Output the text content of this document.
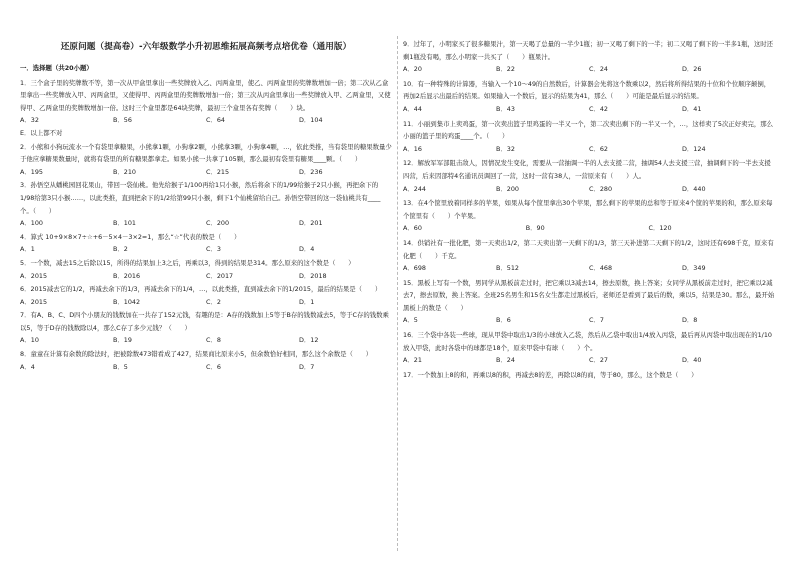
还原问题（提高卷）-六年级数学小升初思维拓展高频考点培优卷（通用版）
一．选择题（共20小题）
1．三个盒子里的奖牌数不等，第一次从甲盒里拿出一些奖牌放入乙、丙两盒里，使乙、丙两盒里的奖牌数增加一倍；第二次从乙盒里拿出一些奖牌放入甲、丙两盒里，又使得甲、丙两盒里的奖牌数增加一倍；第三次从丙盒里拿出一些奖牌放入甲、乙两盒里，又使得甲、乙两盒里的奖牌数增加一倍。这时三个盒里都是64块奖牌，最初三个盒里各有奖牌（　　）块。
A．32	B．56	C．64	D．104
E．以上都不对
2．小熊和小狗玩流水一个有袋里拿糖果，小熊拿1颗，小狗拿2颗，小熊拿3颗，小狗拿4颗，…，依此类推，当有袋里的糖果数量少于他应拿糖果数量时，就将有袋里的所有糖果都拿走。如果小熊一共拿了105颗，那么最初有袋里有糖果____颗。（　　）
A．195	B．210	C．215	D．236
3．孙悟空从蟠桃园回花果山，带回一袋仙桃。他先给猴子1/100再给1只小猴，然后将余下的1/99给猴子2只小猴，再把余下的1/98给第3只小猴……，以此类推，直到把余下的1/2给第99只小猴，剩下1个仙桃留给自己。孙悟空带回的这一袋仙桃共有____个。（　　）
A．100	B．101	C．200	D．201
4．算式 10+9×8×7÷☆+6－5×4－3×2=1，那么“☆”代表的数是（　　）
A．1	B．2	C．3	D．4
5．一个数，减去15之后除以15，所得的结果加上3之后，再乘以3，得到的结果是314。那么原来的这个数是（　　）
A．2015	B．2016	C．2017	D．2018
6．2015减去它的1/2，再减去余下的1/3，再减去余下的1/4，…，以此类推，直到减去余下的1/2015，最后的结果是（　　）
A．2015	B．1042	C．2	D．1
7．有A、B、C、D四个小朋友的钱数加在一共存了152元钱，有趣的是：A存的钱数加上5等于B存的钱数减去5，等于C存的钱数乘以5，等于D存的钱数除以4，那么C存了多少元钱？（　　）
A．10	B．19	C．8	D．12
8．童童在计算有余数的除法时，把被除数473错看成了427，结果商比原来小5，但余数恰好相同，那么这个余数是（　　）
A．4	B．5	C．6	D．7
9．过年了，小明家买了很多糖果汁，第一天喝了总量的一半少1瓶；初一又喝了剩下的一半；初二又喝了剩下的一半多1瓶，这时还剩1瓶没有喝，那么小明家一共买了（　　）瓶果汁。
A．20	B．22	C．24	D．26
10．有一种特殊的计算器，当输入一个10～49的自然数后，计算器会先将这个数乘以2，然后将所得结果的十位和个位顺序颠倒，再加2后显示出最后的结果。如果输入一个数后，显示的结果为41，那么（　　）可能是最后显示的结果。
A．44	B．43	C．42	D．41
11．小丽到集市上卖鸡蛋，第一次卖出篮子里鸡蛋的一半又一个，第二次卖出剩下的一半又一个，…，这样卖了5次正好卖完，那么小丽的篮子里的鸡蛋____个。（　　）
A．16	B．32	C．62	D．124
12．解放军军部阻击敌人，因情况发生变化，需要从一营抽调一半的人去支援二营，抽调54人去支援三营，抽调剩下的一半去支援四营，后来因部特4名通讯员调回了一营，这时一营有38人，一营原来有（　　）人。
A．244	B．200	C．280	D．440
13．在4个筐里放着同样多的苹果，如果从每个筐里拿出30个苹果，那么剩下的苹果的总和等于原来4个筐的苹果的和，那么原来每个筐里有（　　）个苹果。
A．60	B．90	C．120
14．供销社有一批化肥，第一天卖出1/2，第二天卖出第一天剩下的1/3，第三天补进第二天剩下的1/2，这时还有698千克，原来有化肥（　　）千克。
A．698	B．512	C．468	D．349
15．黑板上写有一个数，男同学从黑板前走过时，把它乘以3减去14，擦去原数，换上答案；女同学从黑板前走过时，把它乘以2减去7，擦去原数，换上答案。全班25名男生和15名女生都走过黑板后，老师还是看到了最后的数，乘以5，结果是30。那么，最开始黑板上的数是（　　）
A．5	B．6	C．7	D．8
16．三个袋中各装一些球，现从甲袋中取出1/3的小球放入乙袋，然后从乙袋中取出1/4放入丙袋，最后再从丙袋中取出现在的1/10放入甲袋，此时各袋中的球都是18个，原来甲袋中有球（　　）个。
A．21	B．24	C．27	D．40
17．一个数加上8的和，再乘以8的积，再减去8的差，再除以8的商，等于80，那么，这个数是（　　）
